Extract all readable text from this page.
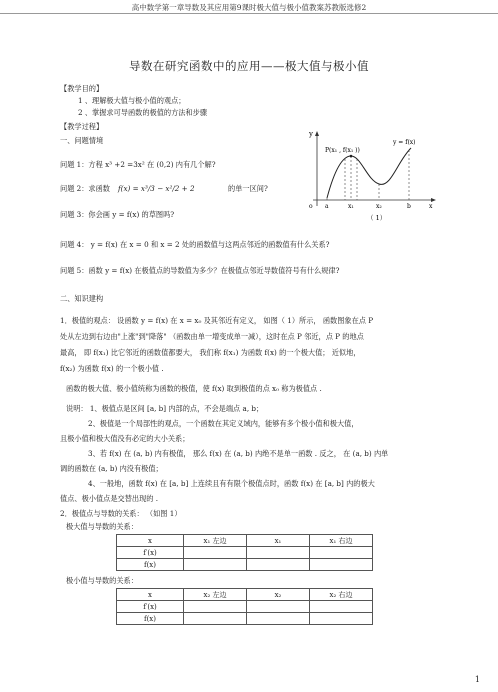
高中数学第一章导数及其应用第9课时极大值与极小值教案苏教版选修2
导数在研究函数中的应用——极大值与极小值
【教学目的】
1 、理解极大值与极小值的观点；
2 、掌握求可导函数的极值的方法和步骤
【教学过程】
一、问题情境
问题 1：方程 x³ +2 =3x² 在 (0,2) 内有几个解?
问题 2：求函数 f(x) = x³/3 − x²/2 + 2	的单一区间?
问题 3：你会画 y = f(x) 的草图吗?
y
y = f(x)
P(x₁ , f(x₁ ))
o a	x₁	x₂	b	x
（ 1）
问题 4： y = f(x) 在 x = 0 和 x = 2 处的函数值与这两点邻近的函数值有什么关系?
问题 5：函数 y = f(x) 在极值点的导数值为多少？在极值点邻近导数值符号有什么规律?
二、知识建构
1．极值的观点： 设函数 y = f(x) 在 x = x₀ 及其邻近有定义， 如图（ 1）所示， 函数图象在点 P
处从左边到右边由"上涨"到"降落" （函数由单一增变成单一减），这时在点 P 邻近，点 P 的地点
最高， 即 f(x₁) 比它邻近的函数值都要大， 我们称 f(x₁) 为函数 f(x) 的一个极大值； 近似地，
f(x₂) 为函数 f(x) 的一个极小值 .
函数的极大值、极小值统称为函数的极值，使 f(x) 取到极值的点 x₀ 称为极值点 .
说明： 1、极值点是区间 [a, b] 内部的点，不会是端点 a, b；
2、极值是一个局部性的观点，一个函数在其定义域内，能够有多个极小值和极大值，
且极小值和极大值没有必定的大小关系；
3、若 f(x) 在 (a, b) 内有极值， 那么 f(x) 在 (a, b) 内绝不是单一函数 . 反之， 在 (a, b) 内单
调的函数在 (a, b) 内没有极值；
4、一般地，函数 f(x) 在 [a, b] 上连续且有有限个极值点时，函数 f(x) 在 [a, b] 内的极大
值点、极小值点是交替出现的 .
2．极值点与导数的关系： （如图 1）
极大值与导数的关系：
x	x₁ 左边	x₁	x₁ 右边
f′(x)			
f(x)			
极小值与导数的关系：
x	x₂ 左边	x₂	x₂ 右边
f′(x)			
f(x)			
1
